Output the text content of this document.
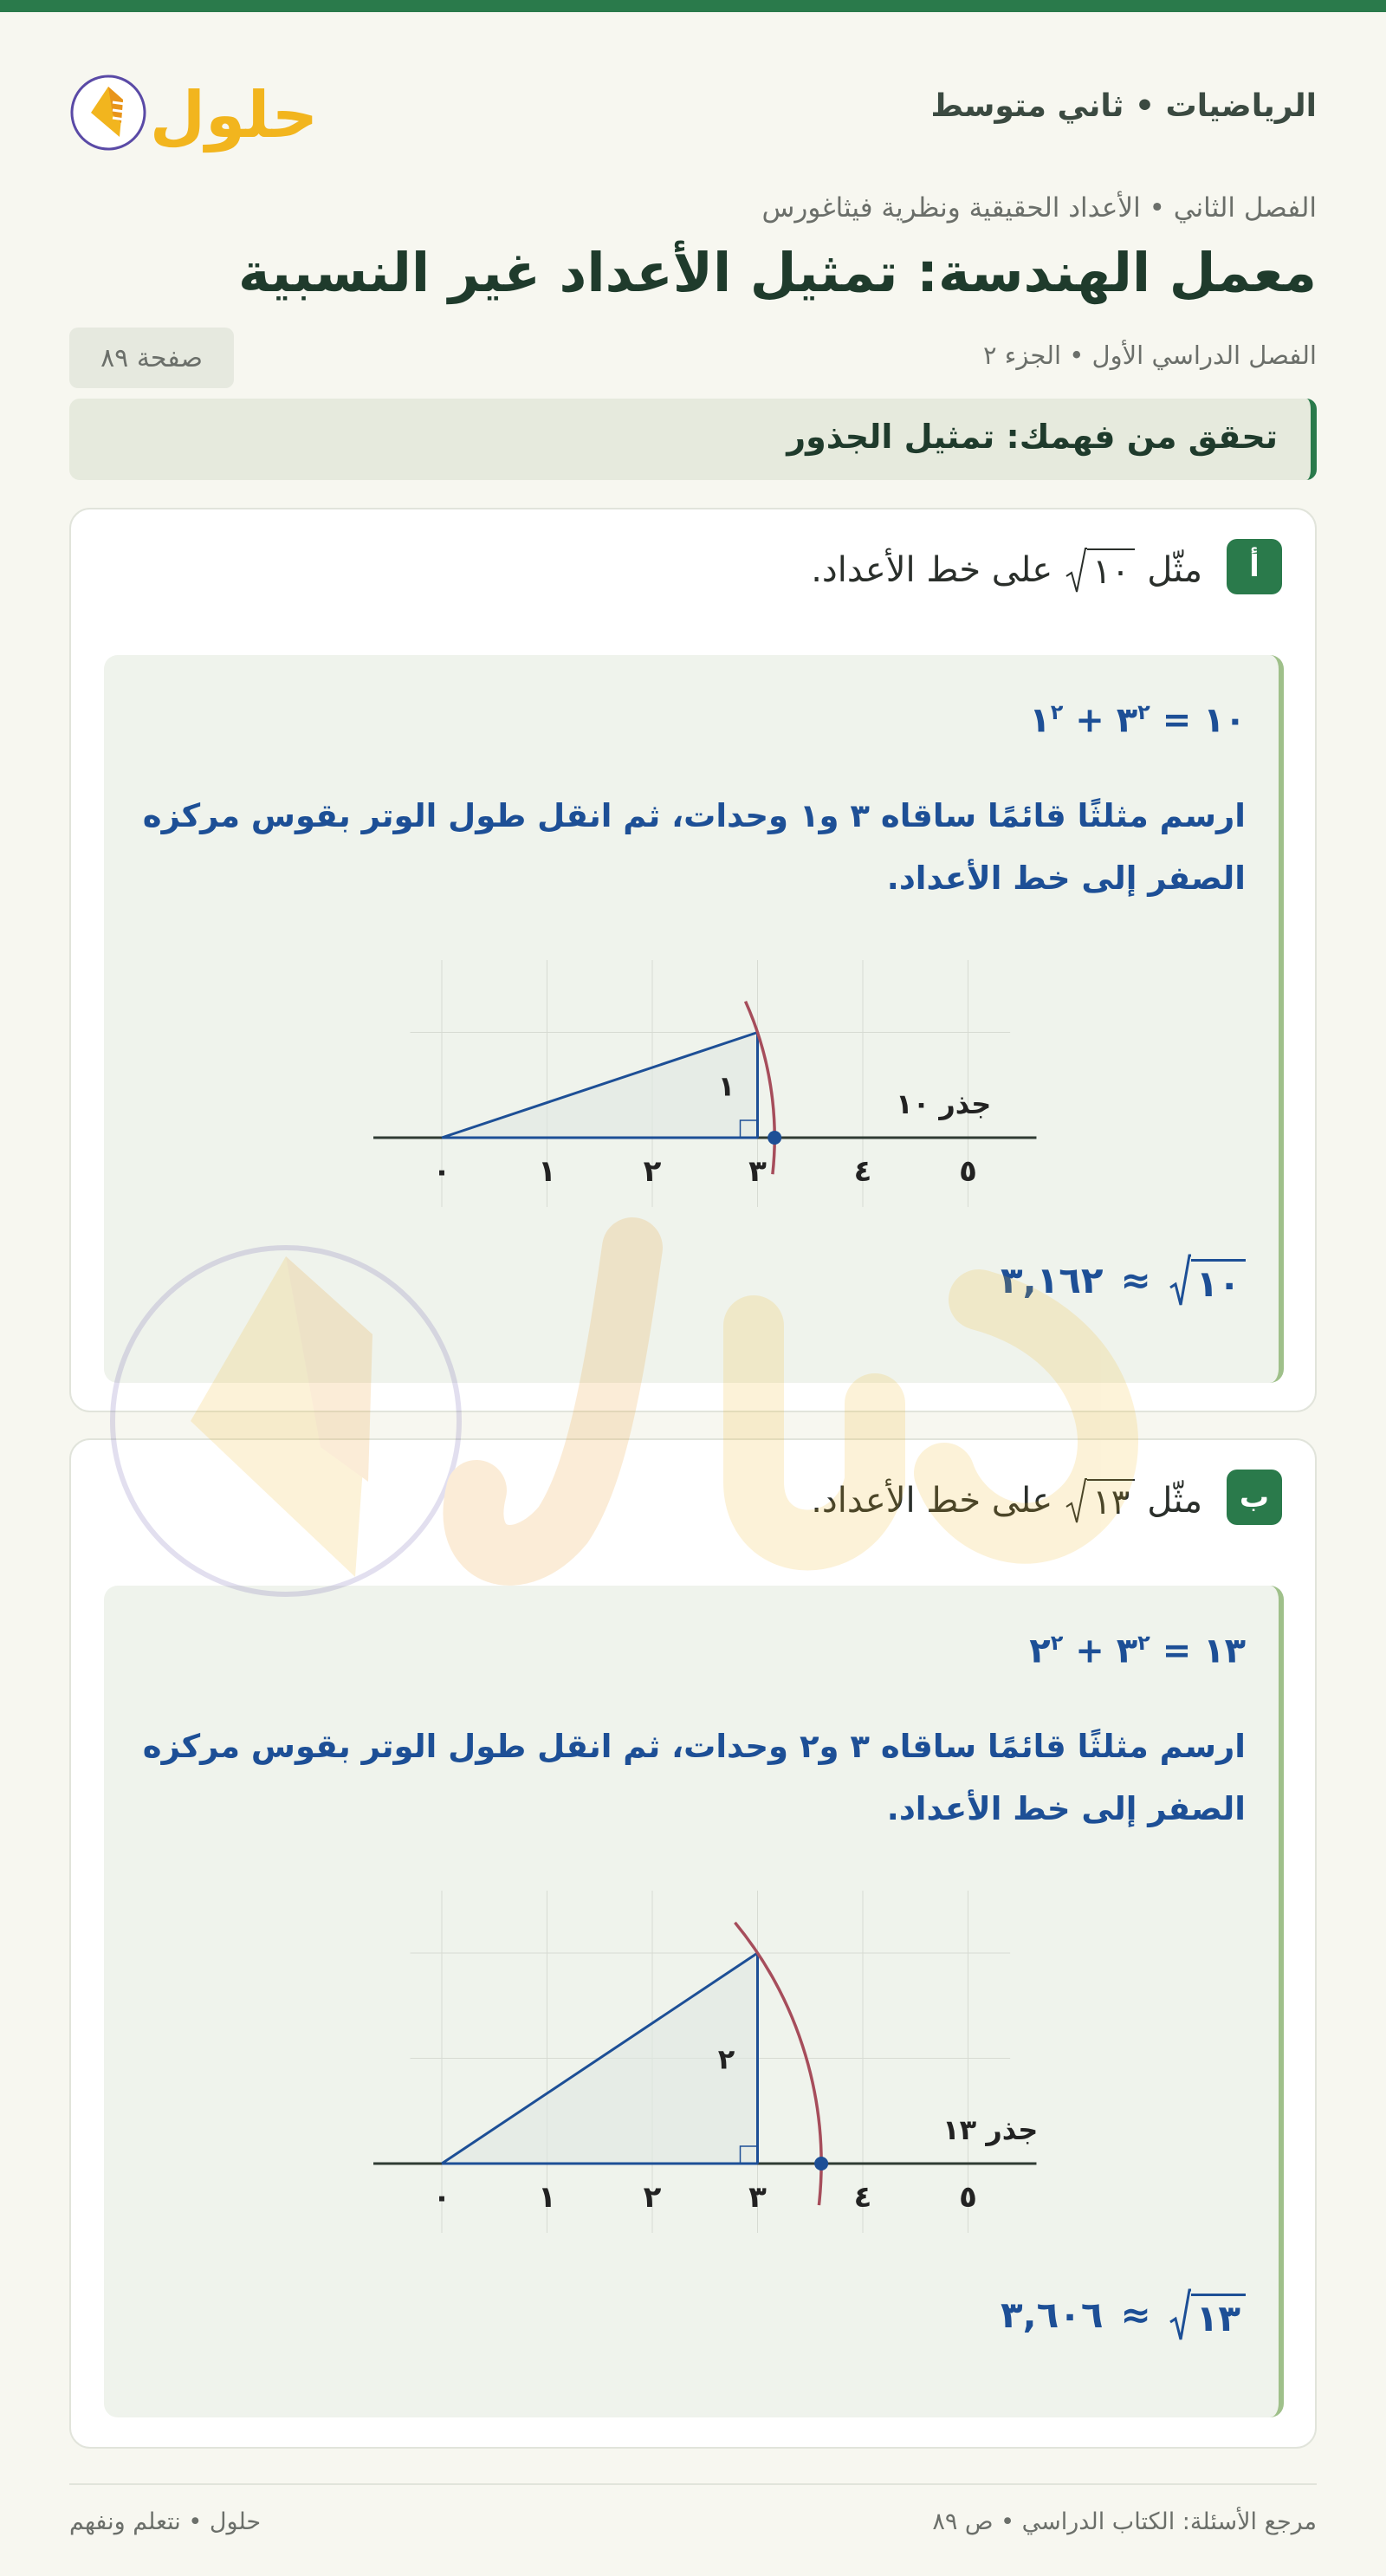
الرياضيات • ثاني متوسط
حلول
الفصل الثاني • الأعداد الحقيقية ونظرية فيثاغورس
معمل الهندسة: تمثيل الأعداد غير النسبية
الفصل الدراسي الأول • الجزء ٢
صفحة ٨٩
تحقق من فهمك: تمثيل الجذور
أ
مثّل
١٠
على خط الأعداد.
١٠ = $٣^٢$ + $١^٢$
ارسم مثلثًا قائمًا ساقاه ٣ و١ وحدات، ثم انقل طول الوتر بقوس مركزه الصفر إلى خط الأعداد.
١
جذر ١٠
٠	١	٢	٣	٤	٥
١٠
≈
٣,١٦٢
ب
مثّل
١٣
على خط الأعداد.
١٣ = $٣^٢$ + $٢^٢$
ارسم مثلثًا قائمًا ساقاه ٣ و٢ وحدات، ثم انقل طول الوتر بقوس مركزه الصفر إلى خط الأعداد.
٢
جذر ١٣
٠	١	٢	٣	٤	٥
١٣
≈
٣,٦٠٦
مرجع الأسئلة: الكتاب الدراسي • ص ٨٩
حلول • نتعلم ونفهم
